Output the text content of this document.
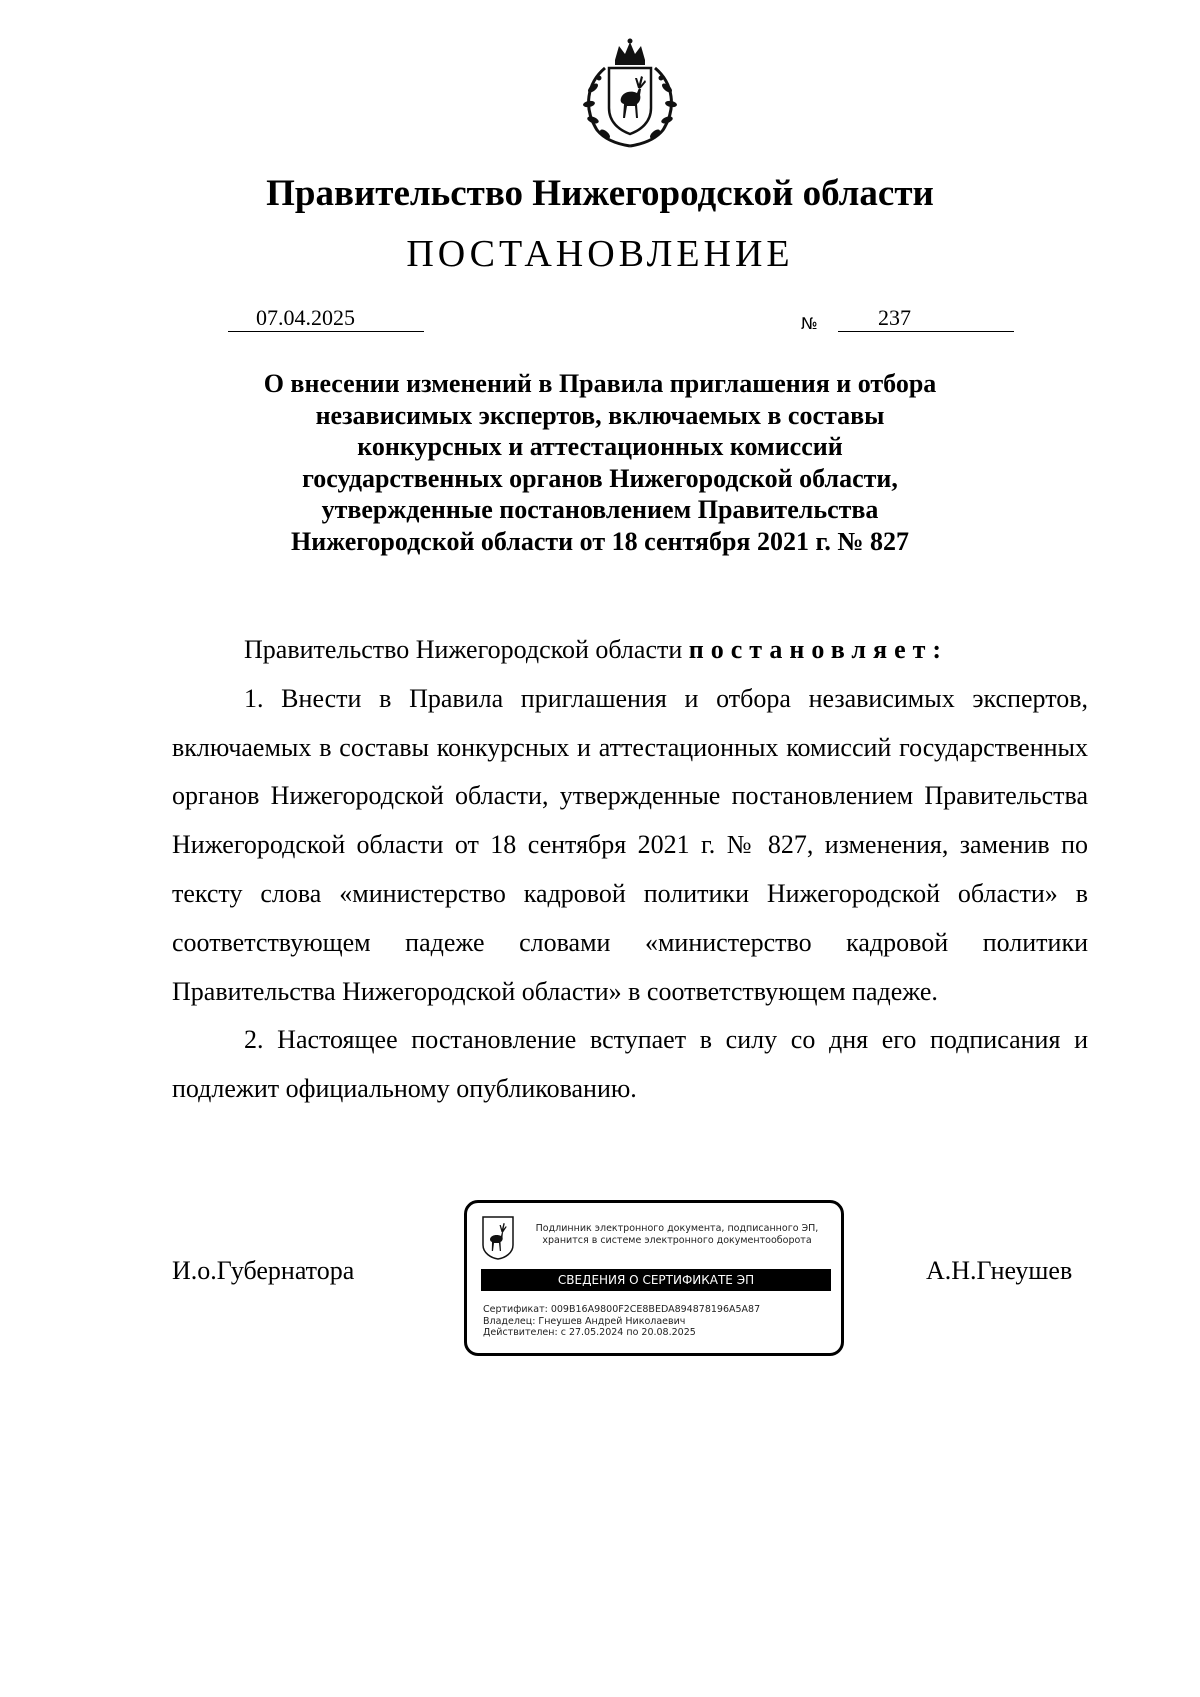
Правительство Нижегородской области
ПОСТАНОВЛЕНИЕ
07.04.2025	№	237
О внесении изменений в Правила приглашения и отбора
независимых экспертов, включаемых в составы
конкурсных и аттестационных комиссий
государственных органов Нижегородской области,
утвержденные постановлением Правительства
Нижегородской области от 18 сентября 2021 г. № 827

Правительство Нижегородской области постановляет:

1. Внести в Правила приглашения и отбора независимых экспертов, включаемых в составы конкурсных и аттестационных комиссий государственных органов Нижегородской области, утвержденные постановлением Правительства Нижегородской области от 18 сентября 2021 г. № 827, изменения, заменив по тексту слова «министерство кадровой политики Нижегородской области» в соответствующем падеже словами «министерство кадровой политики Правительства Нижегородской области» в соответствующем падеже.

2. Настоящее постановление вступает в силу со дня его подписания и подлежит официальному опубликованию.

И.о.Губернатора	А.Н.Гнеушев
Подлинник электронного документа, подписанного ЭП,
хранится в системе электронного документооборота
СВЕДЕНИЯ О СЕРТИФИКАТЕ ЭП
Сертификат: 009B16A9800F2CE8BEDA894878196A5A87
Владелец: Гнеушев Андрей Николаевич
Действителен: с 27.05.2024 по 20.08.2025
